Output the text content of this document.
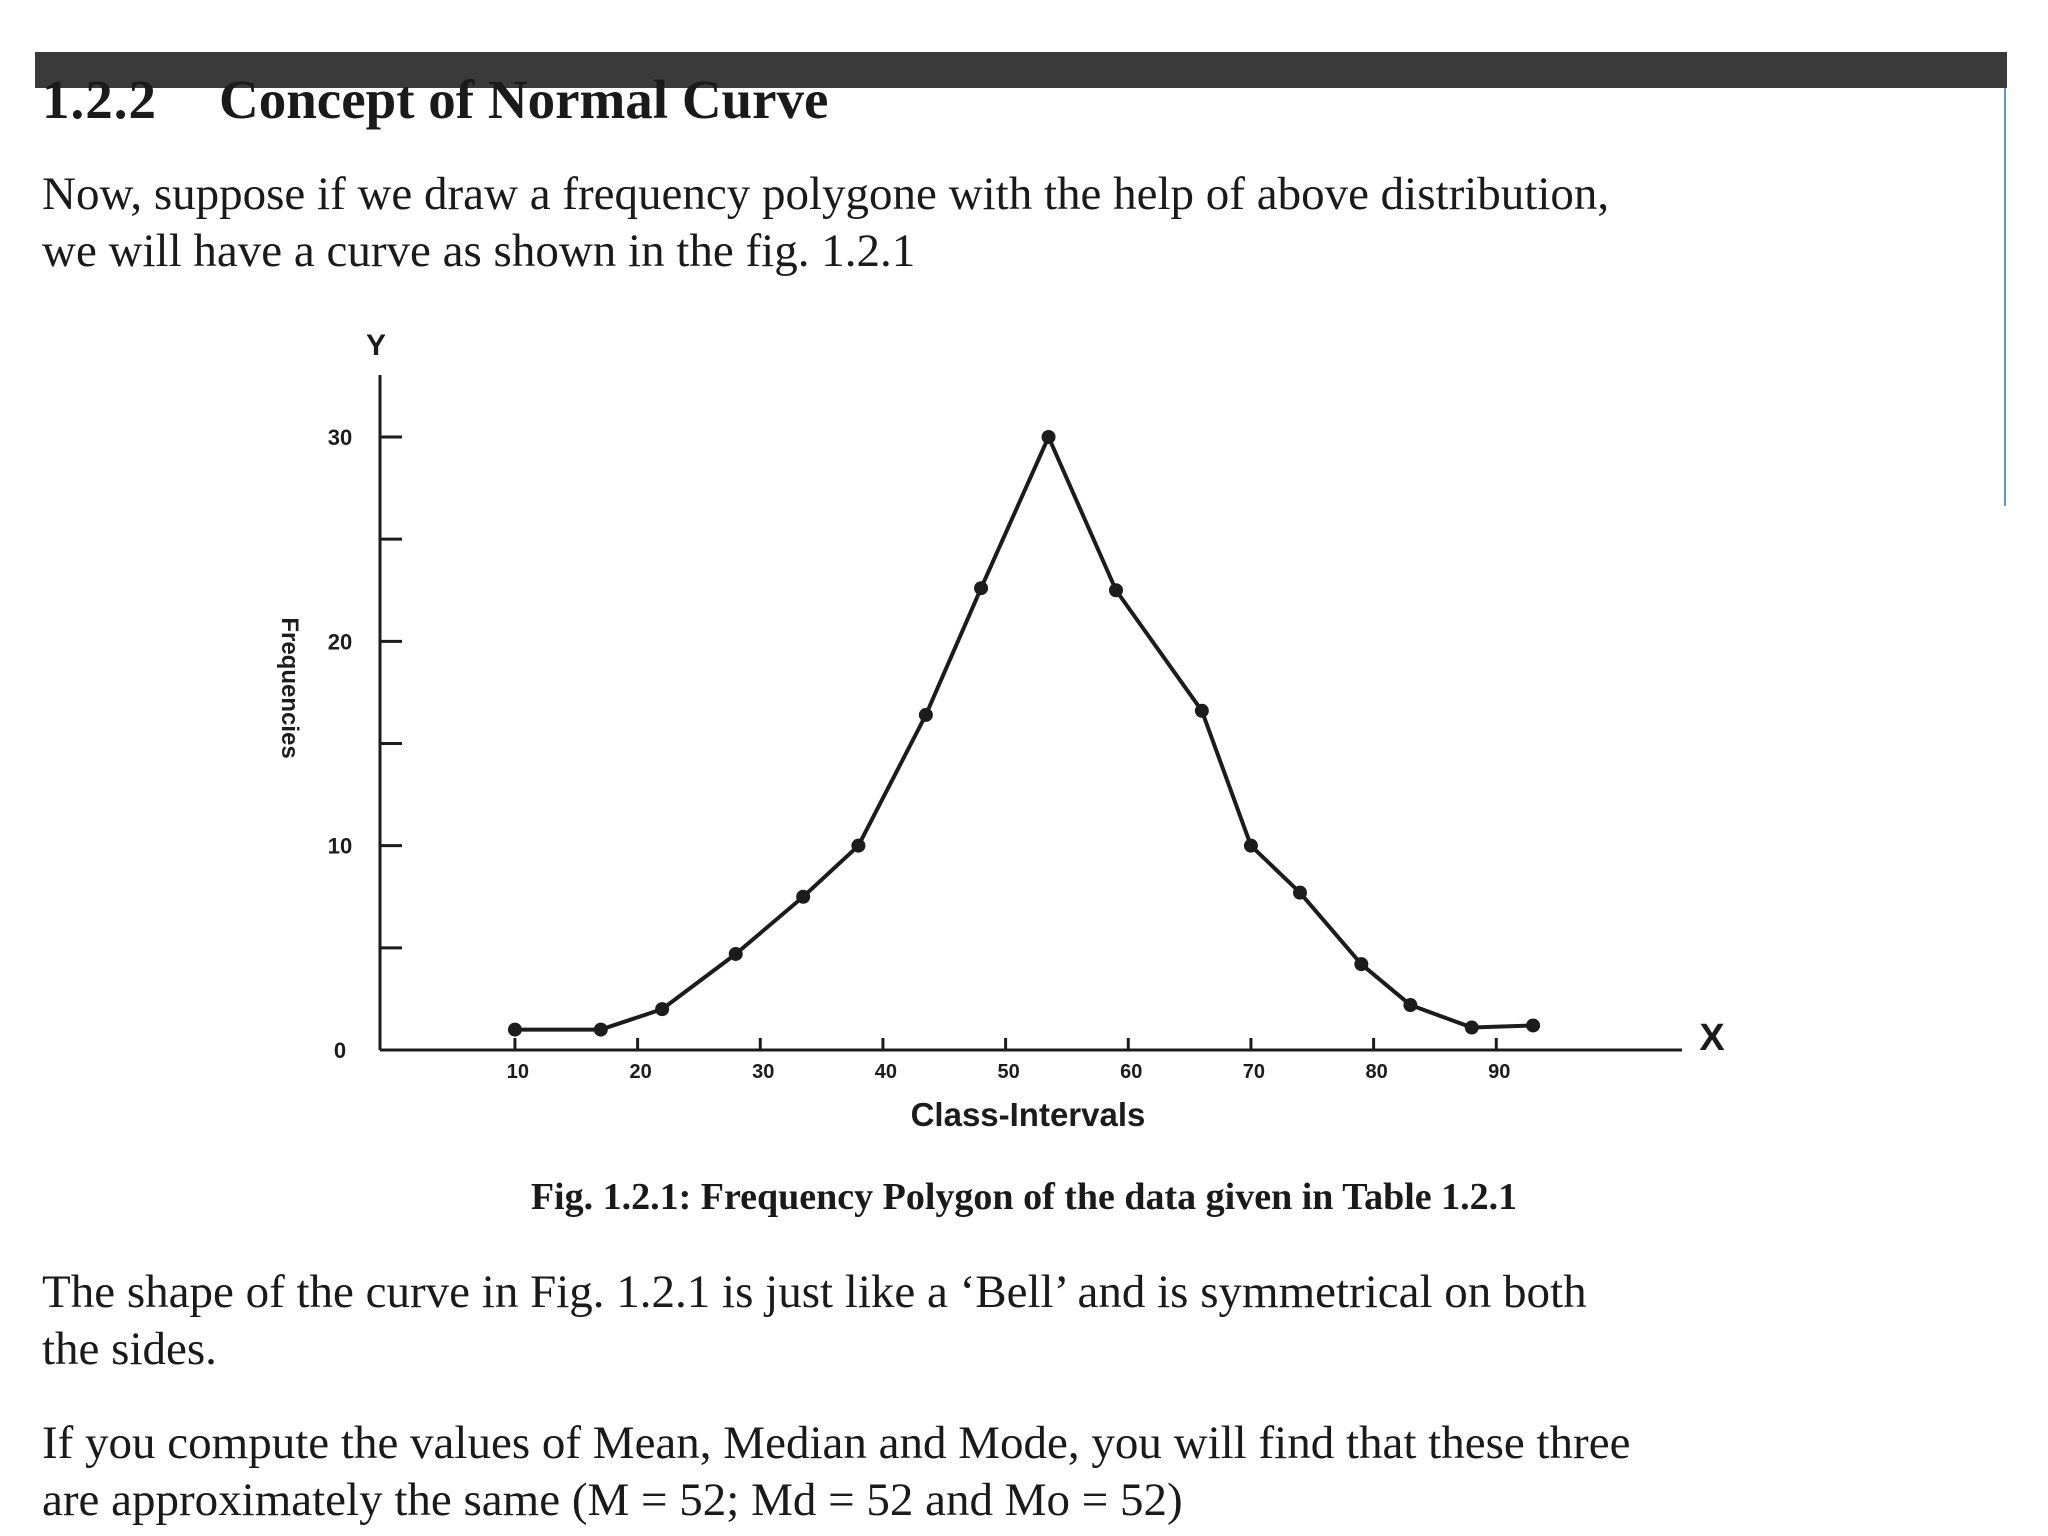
1.2.2 Concept of Normal Curve

Now, suppose if we draw a frequency polygone with the help of above distribution,
we will have a curve as shown in the fig. 1.2.1

Y
X
0
10
20
30
10	20	30	40	50	60	70	80	90
Class-Intervals
Frequencies

Fig. 1.2.1: Frequency Polygon of the data given in Table 1.2.1

The shape of the curve in Fig. 1.2.1 is just like a ‘Bell’ and is symmetrical on both
the sides.

If you compute the values of Mean, Median and Mode, you will find that these three
are approximately the same (M = 52; Md = 52 and Mo = 52)
